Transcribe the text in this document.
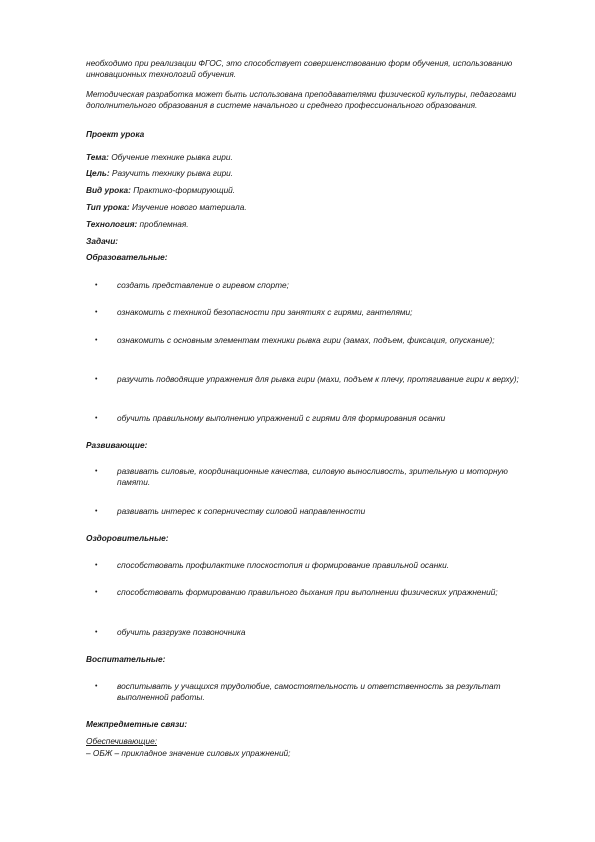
необходимо при реализации ФГОС, это способствует совершенствованию форм обучения, использованию инновационных технологий обучения.

Методическая разработка может быть использована преподавателями физической культуры, педагогами дополнительного образования в системе начального и среднего профессионального образования.

Проект урока

Тема: Обучение технике рывка гири.

Цель: Разучить технику рывка гири.

Вид урока: Практико-формирующий.

Тип урока: Изучение нового материала.

Технология: проблемная.

Задачи:

Образовательные:

•	создать представление о гиревом спорте;

•	ознакомить с техникой безопасности при занятиях с гирями, гантелями;

•	ознакомить с основным элементам техники рывка гири (замах, подъем, фиксация, опускание);

•	разучить подводящие упражнения для рывка гири (махи, подъем к плечу, протягивание гири к верху);

•	обучить правильному выполнению упражнений с гирями для формирования осанки

Развивающие:

•	развивать силовые, координационные качества, силовую выносливость, зрительную и моторную памяти.

•	развивать интерес к соперничеству силовой направленности

Оздоровительные:

•	способствовать профилактике плоскостопия и формирование правильной осанки.

•	способствовать формированию правильного дыхания при выполнении физических упражнений;

•	обучить разгрузке позвоночника

Воспитательные:

•	воспитывать у учащихся трудолюбие, самостоятельность и ответственность за результат выполненной работы.

Межпредметные связи:

Обеспечивающие:

– ОБЖ – прикладное значение силовых упражнений;
